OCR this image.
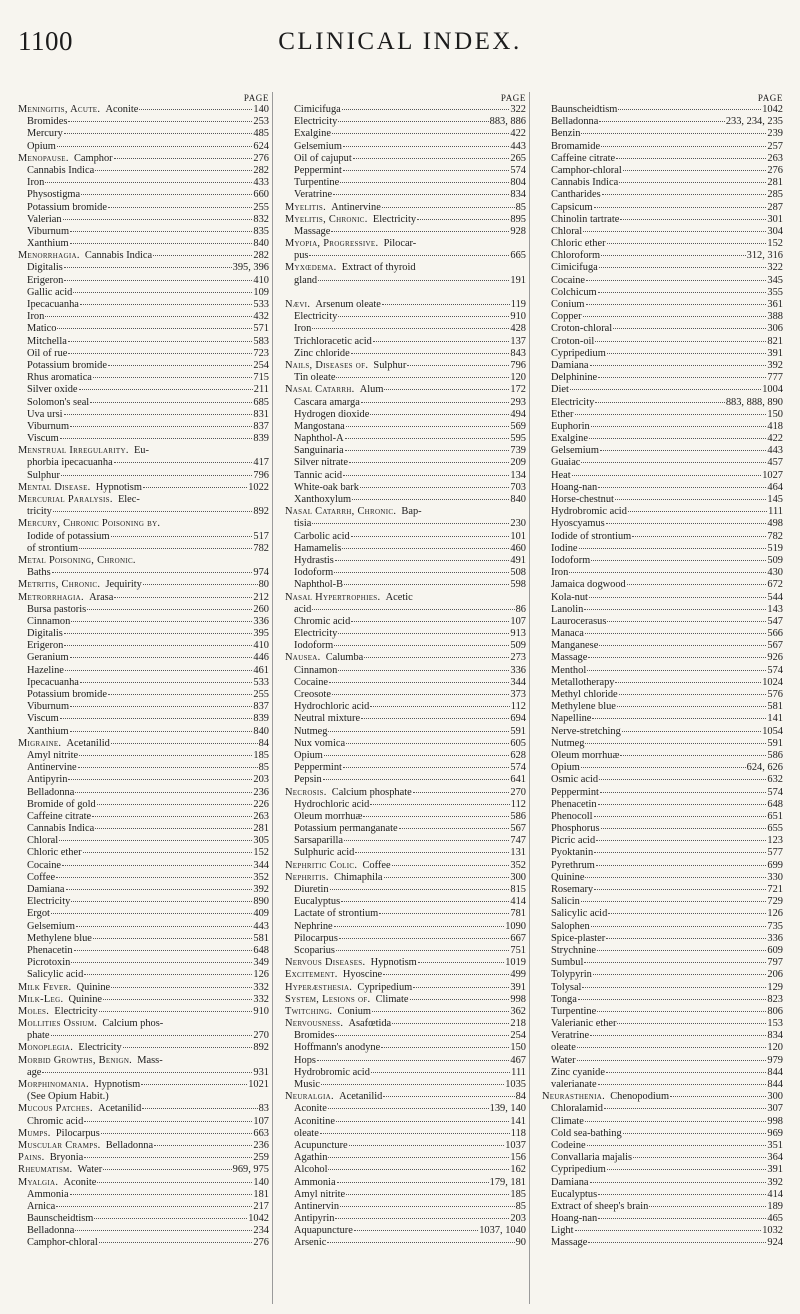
1100	CLINICAL INDEX.
PAGE
Meningitis, Acute.
Aconite	140
Bromides	253
Mercury	485
Opium	624
Menopause.
Camphor	276
Cannabis Indica	282
Iron	433
Physostigma	660
Potassium bromide	255
Valerian	832
Viburnum	835
Xanthium	840
Menorrhagia.
Cannabis Indica	282
Digitalis	395, 396
Erigeron	410
Gallic acid	109
Ipecacuanha	533
Iron	432
Matico	571
Mitchella	583
Oil of rue	723
Potassium bromide	254
Rhus aromatica	715
Silver oxide	211
Solomon's seal	685
Uva ursi	831
Viburnum	837
Viscum	839
Menstrual Irregularity. Eu-
phorbia ipecacuanha	417
Sulphur	796
Mental Disease.
Hypnotism	1022
Mercurial Paralysis. Elec-
tricity	892
Mercury, Chronic Poisoning by.
Iodide of potassium	517
of strontium	782
Metal Poisoning, Chronic.
Baths	974
Metritis, Chronic.
Jequirity	80
Metrorrhagia.
Arasa	212
Bursa pastoris	260
Cinnamon	336
Digitalis	395
Erigeron	410
Geranium	446
Hazeline	461
Ipecacuanha	533
Potassium bromide	255
Viburnum	837
Viscum	839
Xanthium	840
Migraine.
Acetanilid	84
Amyl nitrite	185
Antinervine	85
Antipyrin	203
Belladonna	236
Bromide of gold	226
Caffeine citrate	263
Cannabis Indica	281
Chloral	305
Chloric ether	152
Cocaine	344
Coffee	352
Damiana	392
Electricity	890
Ergot	409
Gelsemium	443
Methylene blue	581
Phenacetin	648
Picrotoxin	349
Salicylic acid	126
Milk Fever.
Quinine	332
Milk-Leg.
Quinine	332
Moles.
Electricity	910
Mollities Ossium. Calcium phos-
phate	270
Monoplegia.
Electricity	892
Morbid Growths, Benign. Mass-
age	931
Morphinomania.
Hypnotism	1021
(See Opium Habit.)
Mucous Patches.
Acetanilid	83
Chromic acid	107
Mumps.
Pilocarpus	663
Muscular Cramps.
Belladonna	236
Pains.
Bryonia	259
Rheumatism.
Water	969, 975
Myalgia.
Aconite	140
Ammonia	181
Arnica	217
Baunscheidtism	1042
Belladonna	234
Camphor-chloral	276
PAGE
Cimicifuga	322
Electricity	883, 886
Exalgine	422
Gelsemium	443
Oil of cajuput	265
Peppermint	574
Turpentine	804
Veratrine	834
Myelitis.
Antinervine	85
Myelitis, Chronic.
Electricity	895
Massage	928
Myopia, Progressive. Pilocar-
pus	665
Myxœdema. Extract of thyroid
gland	191
Nævi.
Arsenum oleate	119
Electricity	910
Iron	428
Trichloracetic acid	137
Zinc chloride	843
Nails, Diseases of.
Sulphur	796
Tin oleate	120
Nasal Catarrh.
Alum	172
Cascara amarga	293
Hydrogen dioxide	494
Mangostana	569
Naphthol-A	595
Sanguinaria	739
Silver nitrate	209
Tannic acid	134
White-oak bark	703
Xanthoxylum	840
Nasal Catarrh, Chronic. Bap-
tisia	230
Carbolic acid	101
Hamamelis	460
Hydrastis	491
Iodoform	508
Naphthol-B	598
Nasal Hypertrophies. Acetic
acid	86
Chromic acid	107
Electricity	913
Iodoform	509
Nausea.
Calumba	273
Cinnamon	336
Cocaine	344
Creosote	373
Hydrochloric acid	112
Neutral mixture	694
Nutmeg	591
Nux vomica	605
Opium	628
Peppermint	574
Pepsin	641
Necrosis.
Calcium phosphate	270
Hydrochloric acid	112
Oleum morrhuæ	586
Potassium permanganate	567
Sarsaparilla	747
Sulphuric acid	131
Nephritic Colic.
Coffee	352
Nephritis.
Chimaphila	300
Diuretin	815
Eucalyptus	414
Lactate of strontium	781
Nephrine	1090
Pilocarpus	667
Scoparius	751
Nervous Diseases.
Hypnotism	1019
Excitement.
Hyoscine	499
Hyperæsthesia.
Cypripedium	391
System, Lesions of.
Climate	998
Twitching.
Conium	362
Nervousness.
Asafœtida	218
Bromides	254
Hoffmann's anodyne	150
Hops	467
Hydrobromic acid	111
Music	1035
Neuralgia.
Acetanilid	84
Aconite	139, 140
Aconitine	141
oleate	118
Acupuncture	1037
Agathin	156
Alcohol	162
Ammonia	179, 181
Amyl nitrite	185
Antinervin	85
Antipyrin	203
Aquapuncture	1037, 1040
Arsenic	90
PAGE
Baunscheidtism	1042
Belladonna	233, 234, 235
Benzin	239
Bromamide	257
Caffeine citrate	263
Camphor-chloral	276
Cannabis Indica	281
Cantharides	285
Capsicum	287
Chinolin tartrate	301
Chloral	304
Chloric ether	152
Chloroform	312, 316
Cimicifuga	322
Cocaine	345
Colchicum	355
Conium	361
Copper	388
Croton-chloral	306
Croton-oil	821
Cypripedium	391
Damiana	392
Delphinine	777
Diet	1004
Electricity	883, 888, 890
Ether	150
Euphorin	418
Exalgine	422
Gelsemium	443
Guaiac	457
Heat	1027
Hoang-nan	464
Horse-chestnut	145
Hydrobromic acid	111
Hyoscyamus	498
Iodide of strontium	782
Iodine	519
Iodoform	509
Iron	430
Jamaica dogwood	672
Kola-nut	544
Lanolin	143
Laurocerasus	547
Manaca	566
Manganese	567
Massage	926
Menthol	574
Metallotherapy	1024
Methyl chloride	576
Methylene blue	581
Napelline	141
Nerve-stretching	1054
Nutmeg	591
Oleum morrhuæ	586
Opium	624, 626
Osmic acid	632
Peppermint	574
Phenacetin	648
Phenocoll	651
Phosphorus	655
Picric acid	123
Pyoktanin	577
Pyrethrum	699
Quinine	330
Rosemary	721
Salicin	729
Salicylic acid	126
Salophen	735
Spice-plaster	336
Strychnine	609
Sumbul	797
Tolypyrin	206
Tolysal	129
Tonga	823
Turpentine	806
Valerianic ether	153
Veratrine	834
oleate	120
Water	979
Zinc cyanide	844
valerianate	844
Neurasthenia.
Chenopodium	300
Chloralamid	307
Climate	998
Cold sea-bathing	969
Codeine	351
Convallaria majalis	364
Cypripedium	391
Damiana	392
Eucalyptus	414
Extract of sheep's brain	189
Hoang-nan	465
Light	1032
Massage	924
